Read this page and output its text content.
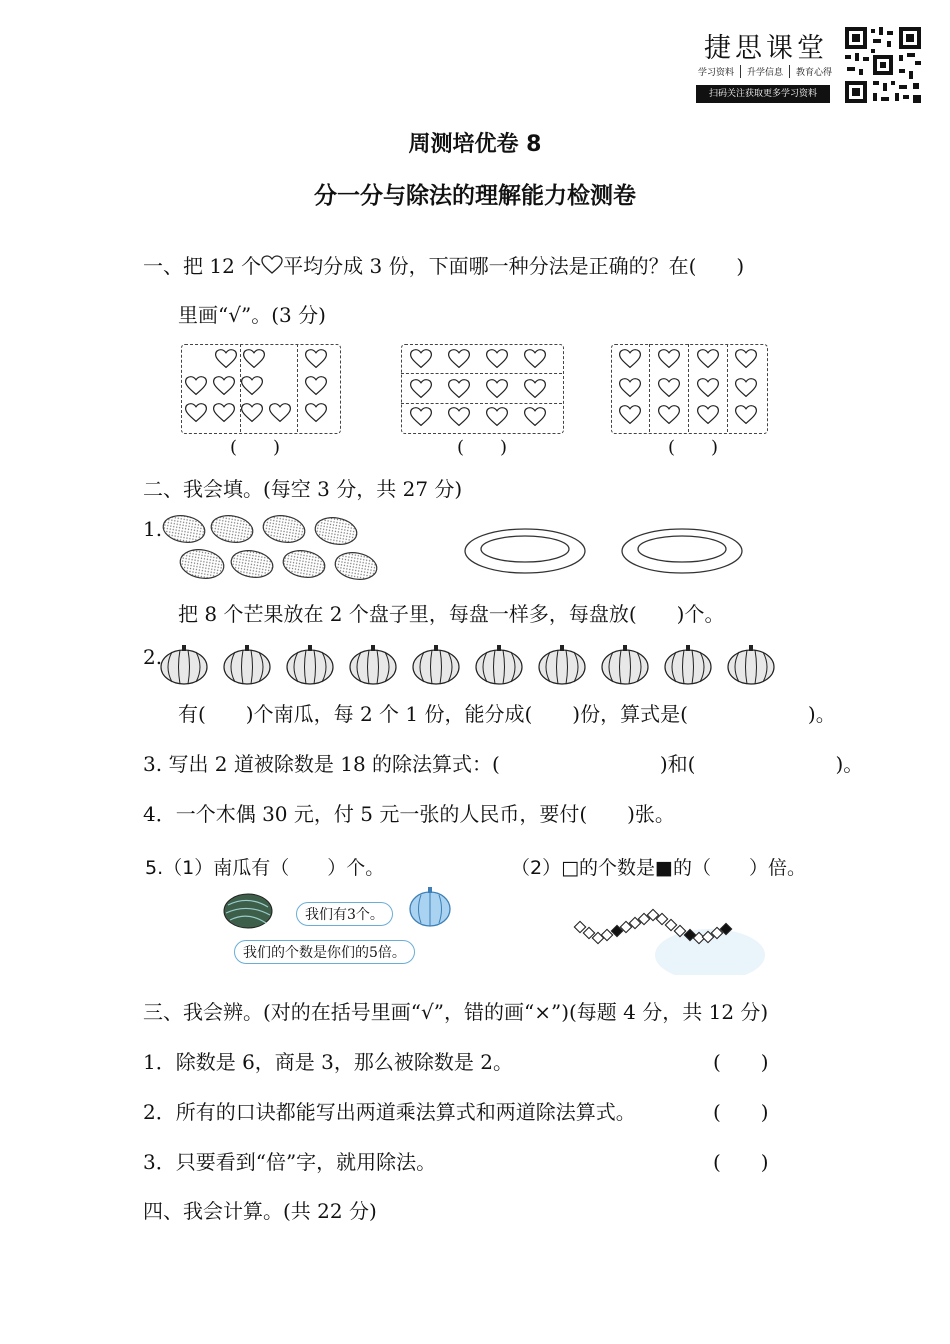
捷思课堂
学习资料	升学信息	教育心得
扫码关注获取更多学习资料
周测培优卷 8
分一分与除法的理解能力检测卷
一、把 12 个 平均分成 3 份，下面哪一种分法是正确的？在(　　)
里画“√”。(3 分)
(　　)	(　　)	(　　)
二、我会填。(每空 3 分，共 27 分)
1.
把 8 个芒果放在 2 个盘子里，每盘一样多，每盘放(　　)个。
2.
有(　　)个南瓜，每 2 个 1 份，能分成(　　)份，算式是(　　　　　　)。
3. 写出 2 道被除数是 18 的除法算式：(　　　　　　　　)和(　　　　　　　)。
4．一个木偶 30 元，付 5 元一张的人民币，要付(　　)张。
5.（1）南瓜有（　　）个。	（2）□的个数是■的（　　）倍。
我们有3个。
我们的个数是你们的5倍。
三、我会辨。(对的在括号里画“√”，错的画“×”)(每题 4 分，共 12 分)
1．除数是 6，商是 3，那么被除数是 2。	(　　)
2．所有的口诀都能写出两道乘法算式和两道除法算式。	(　　)
3．只要看到“倍”字，就用除法。	(　　)
四、我会计算。(共 22 分)
